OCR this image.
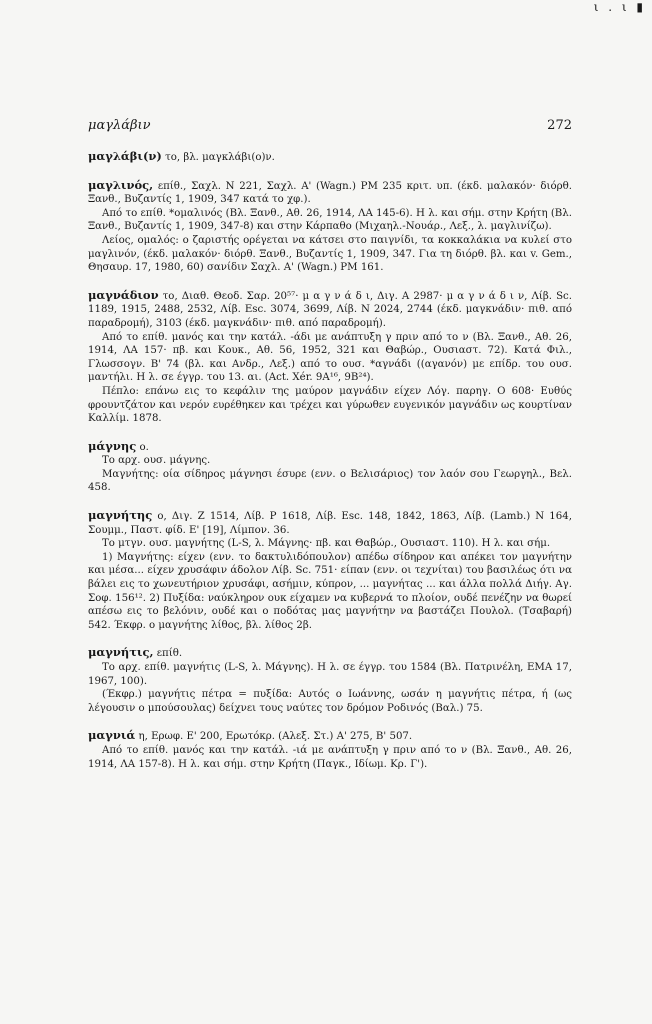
ι . ι ▮
μαγλάβιν	272

μαγλάβι(ν) το, βλ. μαγκλάβι(ο)ν.

μαγλινός, επίθ., Σαχλ. Ν 221, Σαχλ. Α' (Wagn.) PM 235 κριτ. υπ. (έκδ. μαλακόν· διόρθ. Ξανθ., Βυζαντίς 1, 1909, 347 κατά το χφ.).

Από το επίθ. *ομαλινός (Βλ. Ξανθ., Αθ. 26, 1914, ΛΑ 145-6). Η λ. και σήμ. στην Κρήτη (Βλ. Ξανθ., Βυζαντίς 1, 1909, 347-8) και στην Κάρπαθο (Μιχαηλ.-Νουάρ., Λεξ., λ. μαγλινίζω).

Λείος, ομαλός: ο ζαριστής ορέγεται να κάτσει στο παιγνίδι, τα κοκκαλάκια να κυλεί στο μαγλινόν, (έκδ. μαλακόν· διόρθ. Ξανθ., Βυζαντίς 1, 1909, 347. Για τη διόρθ. βλ. και v. Gem., Θησαυρ. 17, 1980, 60) σανίδιν Σαχλ. Α' (Wagn.) PM 161.

μαγνάδιον το, Διαθ. Θεοδ. Σαρ. 20⁵⁷· μ α γ ν ά δ ι, Διγ. Α 2987· μ α γ ν ά δ ι ν, Λίβ. Sc. 1189, 1915, 2488, 2532, Λίβ. Esc. 3074, 3699, Λίβ. Ν 2024, 2744 (έκδ. μαγκνάδιν· πιθ. από παραδρομή), 3103 (έκδ. μαγκνάδιν· πιθ. από παραδρομή).

Από το επίθ. μανός και την κατάλ. -άδι με ανάπτυξη γ πριν από το ν (Βλ. Ξανθ., Αθ. 26, 1914, ΛΑ 157· πβ. και Κουκ., Αθ. 56, 1952, 321 και Θαβώρ., Ουσιαστ. 72). Κατά Φιλ., Γλωσσογν. Β' 74 (βλ. και Ανδρ., Λεξ.) από το ουσ. *αγνάδι ((αγανόν) με επίδρ. του ουσ. μαντήλι. Η λ. σε έγγρ. του 13. αι. (Act. Xér. 9Α¹⁶, 9Β²⁴).

Πέπλο: επάνω εις το κεφάλιν της μαύρον μαγνάδιν είχεν Λόγ. παρηγ. Ο 608· Ευθύς φρουντζάτον και νερόν ευρέθηκεν και τρέχει και γύρωθεν ευγενικόν μαγνάδιν ως κουρτίναν Καλλίμ. 1878.

μάγνης ο.

Το αρχ. ουσ. μάγνης.

Μαγνήτης: οία σίδηρος μάγνησι έσυρε (ενν. ο Βελισάριος) τον λαόν σου Γεωργηλ., Βελ. 458.

μαγνήτης ο, Διγ. Ζ 1514, Λίβ. Ρ 1618, Λίβ. Esc. 148, 1842, 1863, Λίβ. (Lamb.) Ν 164, Σουμμ., Παστ. φίδ. Ε' [19], Λίμπον. 36.

Το μτγν. ουσ. μαγνήτης (L-S, λ. Μάγνης· πβ. και Θαβώρ., Ουσιαστ. 110). Η λ. και σήμ.

1) Μαγνήτης: είχεν (ενν. το δακτυλιδόπουλον) απέδω σίδηρον και απέκει τον μαγνήτην και μέσα... είχεν χρυσάφιν άδολον Λίβ. Sc. 751· είπαν (ενν. οι τεχνίται) του βασιλέως ότι να βάλει εις το χωνευτήριον χρυσάφι, ασήμιν, κύπρον, ... μαγνήτας ... και άλλα πολλά Διήγ. Αγ. Σοφ. 156¹². 2) Πυξίδα: ναύκληρον ουκ είχαμεν να κυβερνά το πλοίον, ουδέ πενέζην να θωρεί απέσω εις το βελόνιν, ουδέ και ο ποδότας μας μαγνήτην να βαστάζει Πουλολ. (Τσαβαρή) 542. Έκφρ. ο μαγνήτης λίθος, βλ. λίθος 2β.

μαγνήτις, επίθ.

Το αρχ. επίθ. μαγνήτις (L-S, λ. Μάγνης). Η λ. σε έγγρ. του 1584 (Βλ. Πατρινέλη, ΕΜΑ 17, 1967, 100).

(Έκφρ.) μαγνήτις πέτρα = πυξίδα: Αυτός ο Ιωάννης, ωσάν η μαγνήτις πέτρα, ή (ως λέγουσιν ο μπούσουλας) δείχνει τους ναύτες τον δρόμον Ροδινός (Βαλ.) 75.

μαγνιά η, Ερωφ. Ε' 200, Ερωτόκρ. (Αλεξ. Στ.) Α' 275, Β' 507.

Από το επίθ. μανός και την κατάλ. -ιά με ανάπτυξη γ πριν από το ν (Βλ. Ξανθ., Αθ. 26, 1914, ΛΑ 157-8). Η λ. και σήμ. στην Κρήτη (Παγκ., Ιδίωμ. Κρ. Γ').
